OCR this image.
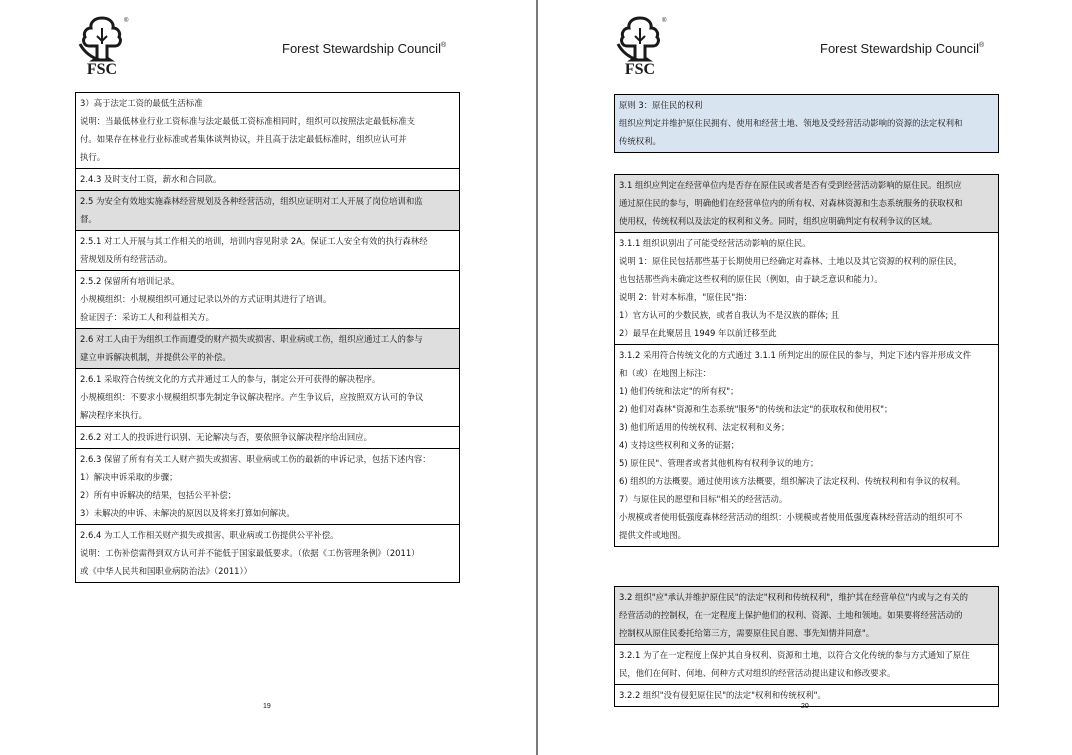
FSC
®
Forest Stewardship Council®
3）高于法定工资的最低生活标准
说明：当最低林业行业工资标准与法定最低工资标准相同时，组织可以按照法定最低标准支
付。如果存在林业行业标准或者集体谈判协议，并且高于法定最低标准时，组织应认可并
执行。
2.4.3 及时支付工资，薪水和合同款。
2.5 为安全有效地实施森林经营规划及各种经营活动，组织应证明对工人开展了岗位培训和监
督。
2.5.1 对工人开展与其工作相关的培训，培训内容见附录 2A。保证工人安全有效的执行森林经
营规划及所有经营活动。
2.5.2 保留所有培训记录。
小规模组织：小规模组织可通过记录以外的方式证明其进行了培训。
验证因子：采访工人和利益相关方。
2.6 对工人由于为组织工作而遭受的财产损失或损害、职业病或工伤，组织应通过工人的参与
建立申诉解决机制，并提供公平的补偿。
2.6.1 采取符合传统文化的方式并通过工人的参与，制定公开可获得的解决程序。
小规模组织：不要求小规模组织事先制定争议解决程序。产生争议后，应按照双方认可的争议
解决程序来执行。
2.6.2 对工人的投诉进行识别、无论解决与否，要依照争议解决程序给出回应。
2.6.3 保留了所有有关工人财产损失或损害、职业病或工伤的最新的申诉记录，包括下述内容：
1）解决申诉采取的步骤；
2）所有申诉解决的结果，包括公平补偿；
3）未解决的申诉、未解决的原因以及将来打算如何解决。
2.6.4 为工人工作相关财产损失或损害、职业病或工伤提供公平补偿。
说明：工伤补偿需得到双方认可并不能低于国家最低要求。（依据《工伤管理条例》（2011）
或《中华人民共和国职业病防治法》（2011））
19
FSC
®
Forest Stewardship Council®
原则 3：原住民的权利
组织应判定并维护原住民拥有、使用和经营土地、领地及受经营活动影响的资源的法定权利和
传统权利。

3.1 组织应判定在经营单位内是否存在原住民或者是否有受到经营活动影响的原住民。组织应
通过原住民的参与，明确他们在经营单位内的所有权、对森林资源和生态系统服务的获取权和
使用权，传统权利以及法定的权利和义务。同时，组织应明确判定有权利争议的区域。
3.1.1 组织识别出了可能受经营活动影响的原住民。
说明 1：原住民包括那些基于长期使用已经确定对森林、土地以及其它资源的权利的原住民，
也包括那些尚未确定这些权利的原住民（例如，由于缺乏意识和能力）。
说明 2：针对本标准，"原住民"指：
1）官方认可的少数民族，或者自我认为不是汉族的群体; 且
2）最早在此聚居且 1949 年以前迁移至此
3.1.2 采用符合传统文化的方式通过 3.1.1 所判定出的原住民的参与，判定下述内容并形成文件
和（或）在地图上标注：
1) 他们传统和法定"的所有权"；
2) 他们对森林"资源和生态系统"服务"的传统和法定"的获取权和使用权"；
3) 他们所适用的传统权利、法定权利和义务；
4) 支持这些权利和义务的证据；
5) 原住民"、管理者或者其他机构有权利争议的地方；
6) 组织的方法概要。通过使用该方法概要，组织解决了法定权利、传统权利和有争议的权利。
7）与原住民的愿望和目标"相关的经营活动。
小规模或者使用低强度森林经营活动的组织：小规模或者使用低强度森林经营活动的组织可不
提供文件或地图。

3.2 组织"应"承认并维护原住民"的法定"权利和传统权利"，维护其在经营单位"内或与之有关的
经营活动的控制权，在一定程度上保护他们的权利、资源、土地和领地。如果要将经营活动的
控制权从原住民委托给第三方，需要原住民自愿、事先知情并同意"。
3.2.1 为了在一定程度上保护其自身权利、资源和土地，以符合文化传统的参与方式通知了原住
民，他们在何时、何地、何种方式对组织的经营活动提出建议和修改要求。
3.2.2 组织"没有侵犯原住民"的法定"权利和传统权利"。
20
